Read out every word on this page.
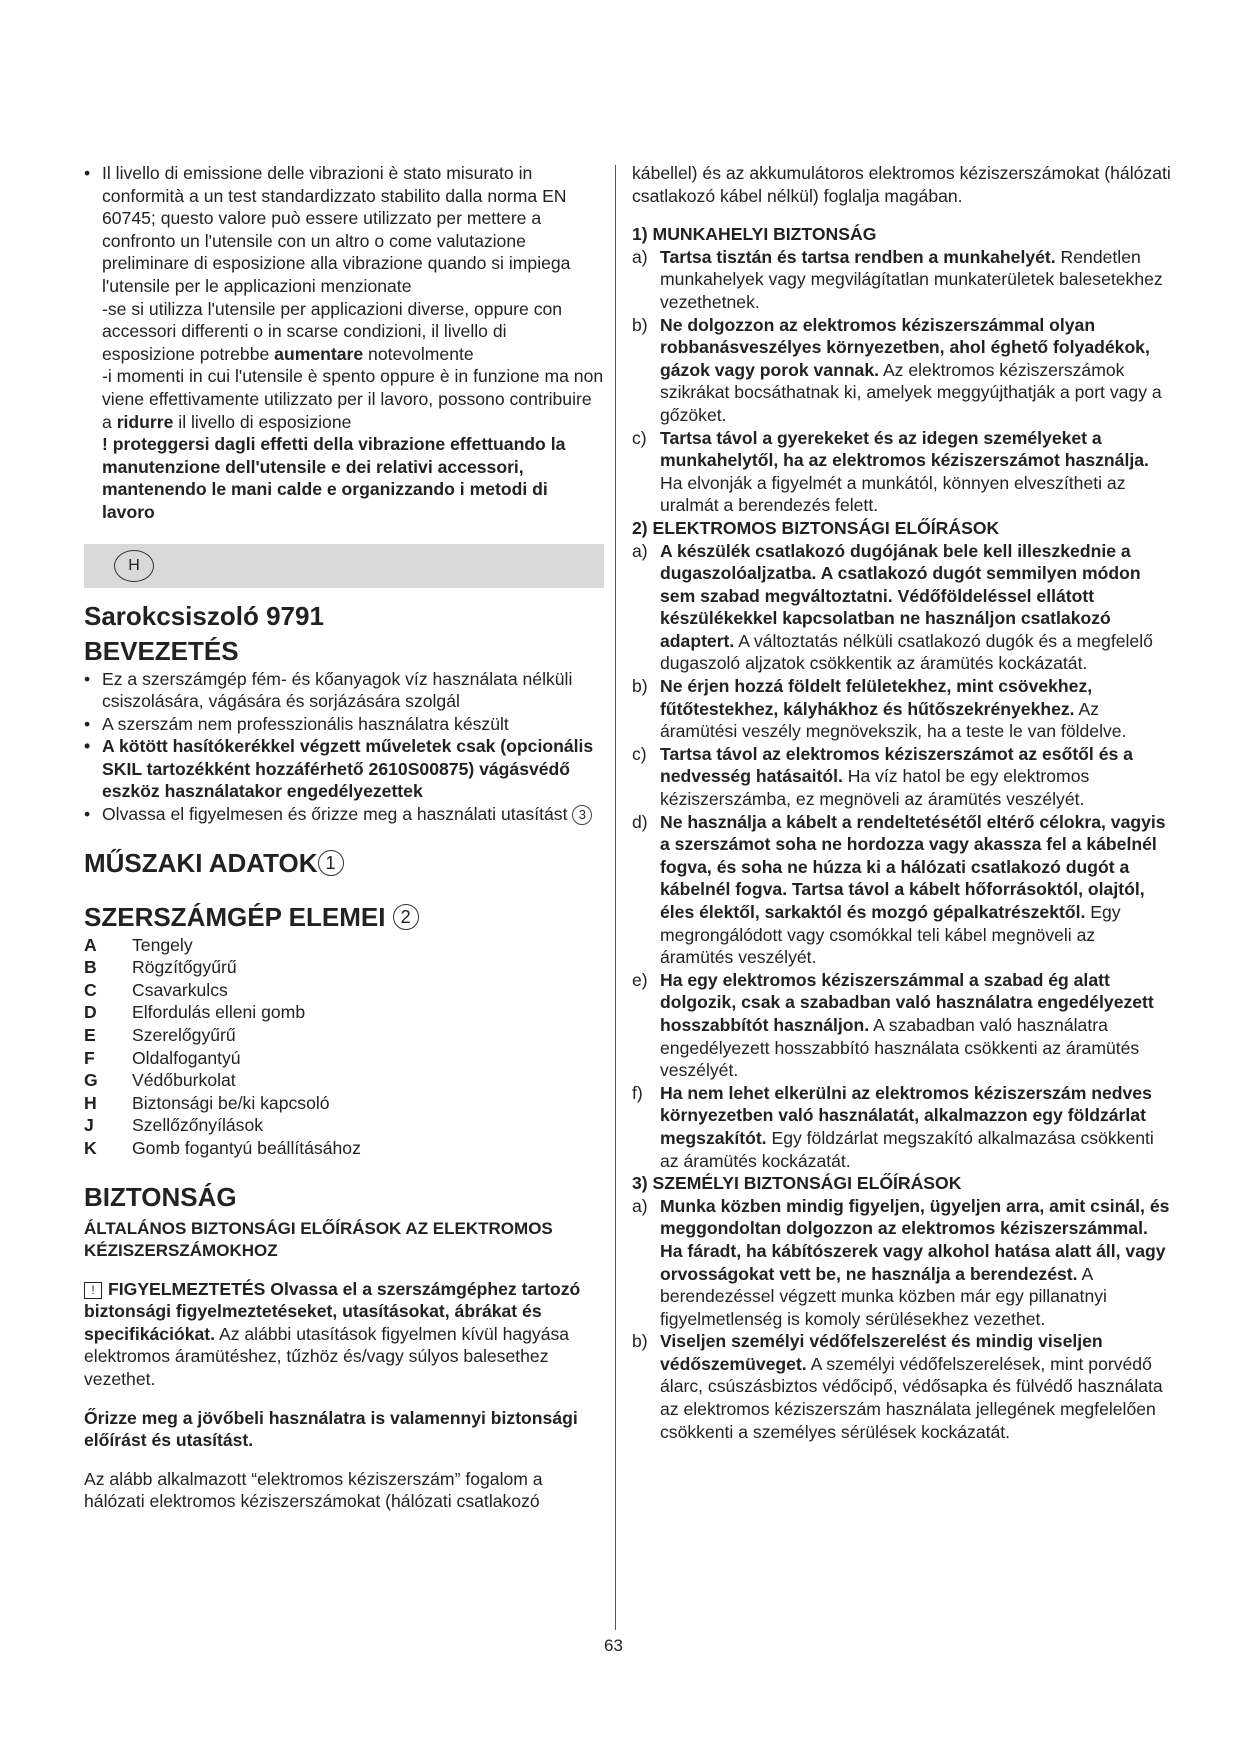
63

• Il livello di emissione delle vibrazioni è stato misurato in conformità a un test standardizzato stabilito dalla norma EN 60745; questo valore può essere utilizzato per mettere a confronto un l'utensile con un altro o come valutazione preliminare di esposizione alla vibrazione quando si impiega l'utensile per le applicazioni menzionate

-se si utilizza l'utensile per applicazioni diverse, oppure con accessori differenti o in scarse condizioni, il livello di esposizione potrebbe aumentare notevolmente

-i momenti in cui l'utensile è spento oppure è in funzione ma non viene effettivamente utilizzato per il lavoro, possono contribuire a ridurre il livello di esposizione

! proteggersi dagli effetti della vibrazione effettuando la manutenzione dell'utensile e dei relativi accessori, mantenendo le mani calde e organizzando i metodi di lavoro

H
Sarokcsiszoló 9791
BEVEZETÉS

• Ez a szerszámgép fém- és kőanyagok víz használata nélküli csiszolására, vágására és sorjázására szolgál

• A szerszám nem professzionális használatra készült

• A kötött hasítókerékkel végzett műveletek csak (opcionális SKIL tartozékként hozzáférhető 2610S00875) vágásvédő eszköz használatakor engedélyezettek

• Olvassa el figyelmesen és őrizze meg a használati utasítást 3

MŰSZAKI ADATOK 1
SZERSZÁMGÉP ELEMEI 2
A	Tengely
B	Rögzítőgyűrű
C	Csavarkulcs
D	Elfordulás elleni gomb
E	Szerelőgyűrű
F	Oldalfogantyú
G	Védőburkolat
H	Biztonsági be/ki kapcsoló
J	Szellőzőnyílások
K	Gomb fogantyú beállításához
BIZTONSÁG

ÁLTALÁNOS BIZTONSÁGI ELŐÍRÁSOK AZ ELEKTROMOS KÉZISZERSZÁMOKHOZ

! FIGYELMEZTETÉS Olvassa el a szerszámgéphez tartozó biztonsági figyelmeztetéseket, utasításokat, ábrákat és specifikációkat. Az alábbi utasítások figyelmen kívül hagyása elektromos áramütéshez, tűzhöz és/vagy súlyos balesethez vezethet.

Őrizze meg a jövőbeli használatra is valamennyi biztonsági előírást és utasítást.

Az alább alkalmazott “elektromos kéziszerszám” fogalom a hálózati elektromos kéziszerszámokat (hálózati csatlakozó

kábellel) és az akkumulátoros elektromos kéziszerszámokat (hálózati csatlakozó kábel nélkül) foglalja magában.

1) MUNKAHELYI BIZTONSÁG

a) Tartsa tisztán és tartsa rendben a munkahelyét. Rendetlen munkahelyek vagy megvilágítatlan munkaterületek balesetekhez vezethetnek.
b) Ne dolgozzon az elektromos kéziszerszámmal olyan robbanásveszélyes környezetben, ahol éghető folyadékok, gázok vagy porok vannak. Az elektromos kéziszerszámok szikrákat bocsáthatnak ki, amelyek meggyújthatják a port vagy a gőzöket.
c) Tartsa távol a gyerekeket és az idegen személyeket a munkahelytől, ha az elektromos kéziszerszámot használja. Ha elvonják a figyelmét a munkától, könnyen elveszítheti az uralmát a berendezés felett.

2) ELEKTROMOS BIZTONSÁGI ELŐÍRÁSOK

a) A készülék csatlakozó dugójának bele kell illeszkednie a dugaszolóaljzatba. A csatlakozó dugót semmilyen módon sem szabad megváltoztatni. Védőföldeléssel ellátott készülékekkel kapcsolatban ne használjon csatlakozó adaptert. A változtatás nélküli csatlakozó dugók és a megfelelő dugaszoló aljzatok csökkentik az áramütés kockázatát.
b) Ne érjen hozzá földelt felületekhez, mint csövekhez, fűtőtestekhez, kályhákhoz és hűtőszekrényekhez. Az áramütési veszély megnövekszik, ha a teste le van földelve.
c) Tartsa távol az elektromos kéziszerszámot az esőtől és a nedvesség hatásaitól. Ha víz hatol be egy elektromos kéziszerszámba, ez megnöveli az áramütés veszélyét.
d) Ne használja a kábelt a rendeltetésétől eltérő célokra, vagyis a szerszámot soha ne hordozza vagy akassza fel a kábelnél fogva, és soha ne húzza ki a hálózati csatlakozó dugót a kábelnél fogva. Tartsa távol a kábelt hőforrásoktól, olajtól, éles élektől, sarkaktól és mozgó gépalkatrészektől. Egy megrongálódott vagy csomókkal teli kábel megnöveli az áramütés veszélyét.
e) Ha egy elektromos kéziszerszámmal a szabad ég alatt dolgozik, csak a szabadban való használatra engedélyezett hosszabbítót használjon. A szabadban való használatra engedélyezett hosszabbító használata csökkenti az áramütés veszélyét.
f) Ha nem lehet elkerülni az elektromos kéziszerszám nedves környezetben való használatát, alkalmazzon egy földzárlat megszakítót. Egy földzárlat megszakító alkalmazása csökkenti az áramütés kockázatát.

3) SZEMÉLYI BIZTONSÁGI ELŐÍRÁSOK

a) Munka közben mindig figyeljen, ügyeljen arra, amit csinál, és meggondoltan dolgozzon az elektromos kéziszerszámmal. Ha fáradt, ha kábítószerek vagy alkohol hatása alatt áll, vagy orvosságokat vett be, ne használja a berendezést. A berendezéssel végzett munka közben már egy pillanatnyi figyelmetlenség is komoly sérülésekhez vezethet.
b) Viseljen személyi védőfelszerelést és mindig viseljen védőszemüveget. A személyi védőfelszerelések, mint porvédő álarc, csúszásbiztos védőcipő, védősapka és fülvédő használata az elektromos kéziszerszám használata jellegének megfelelően csökkenti a személyes sérülések kockázatát.
